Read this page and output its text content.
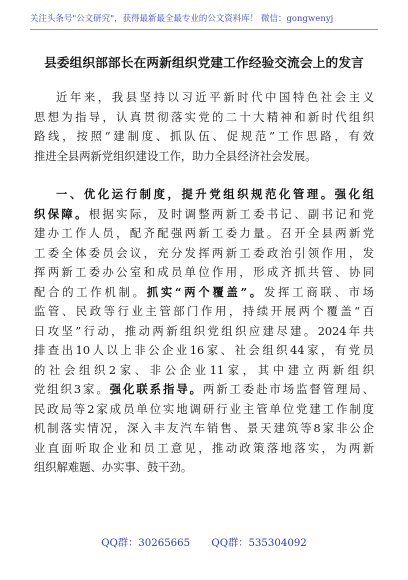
关注头条号"公文研究"，获得最新最全最专业的公文资料库！ 微信：gongwenyj
县委组织部部长在两新组织党建工作经验交流会上的发言
近年来，我县坚持以习近平新时代中国特色社会主义
思想为指导，认真贯彻落实党的二十大精神和新时代组织
路线，按照“建制度、抓队伍、促规范”工作思路，有效
推进全县两新党组织建设工作，助力全县经济社会发展。
一、优化运行制度，提升党组织规范化管理。强化组
织保障。根据实际，及时调整两新工委书记、副书记和党
建办工作人员，配齐配强两新工委力量。召开全县两新党
工委全体委员会议，充分发挥两新工委政治引领作用，发
挥两新工委办公室和成员单位作用，形成齐抓共管、协同
配合的工作机制。抓实“两个覆盖”。发挥工商联、市场
监管、民政等行业主管部门作用，持续开展两个覆盖“百
日攻坚”行动，推动两新组织党组织应建尽建。2024年共
排查出10人以上非公企业16家、社会组织44家，有党员
的社会组织2家、非公企业11家，其中建立两新组织
党组织3家。强化联系指导。两新工委赴市场监督管理局、
民政局等2家成员单位实地调研行业主管单位党建工作制度
机制落实情况，深入丰友汽车销售、景天建筑等8家非公企
业直面听取企业和员工意见，推动政策落地落实，为两新
组织解难题、办实事、鼓干劲。
QQ群：30265665 QQ群：535304092
